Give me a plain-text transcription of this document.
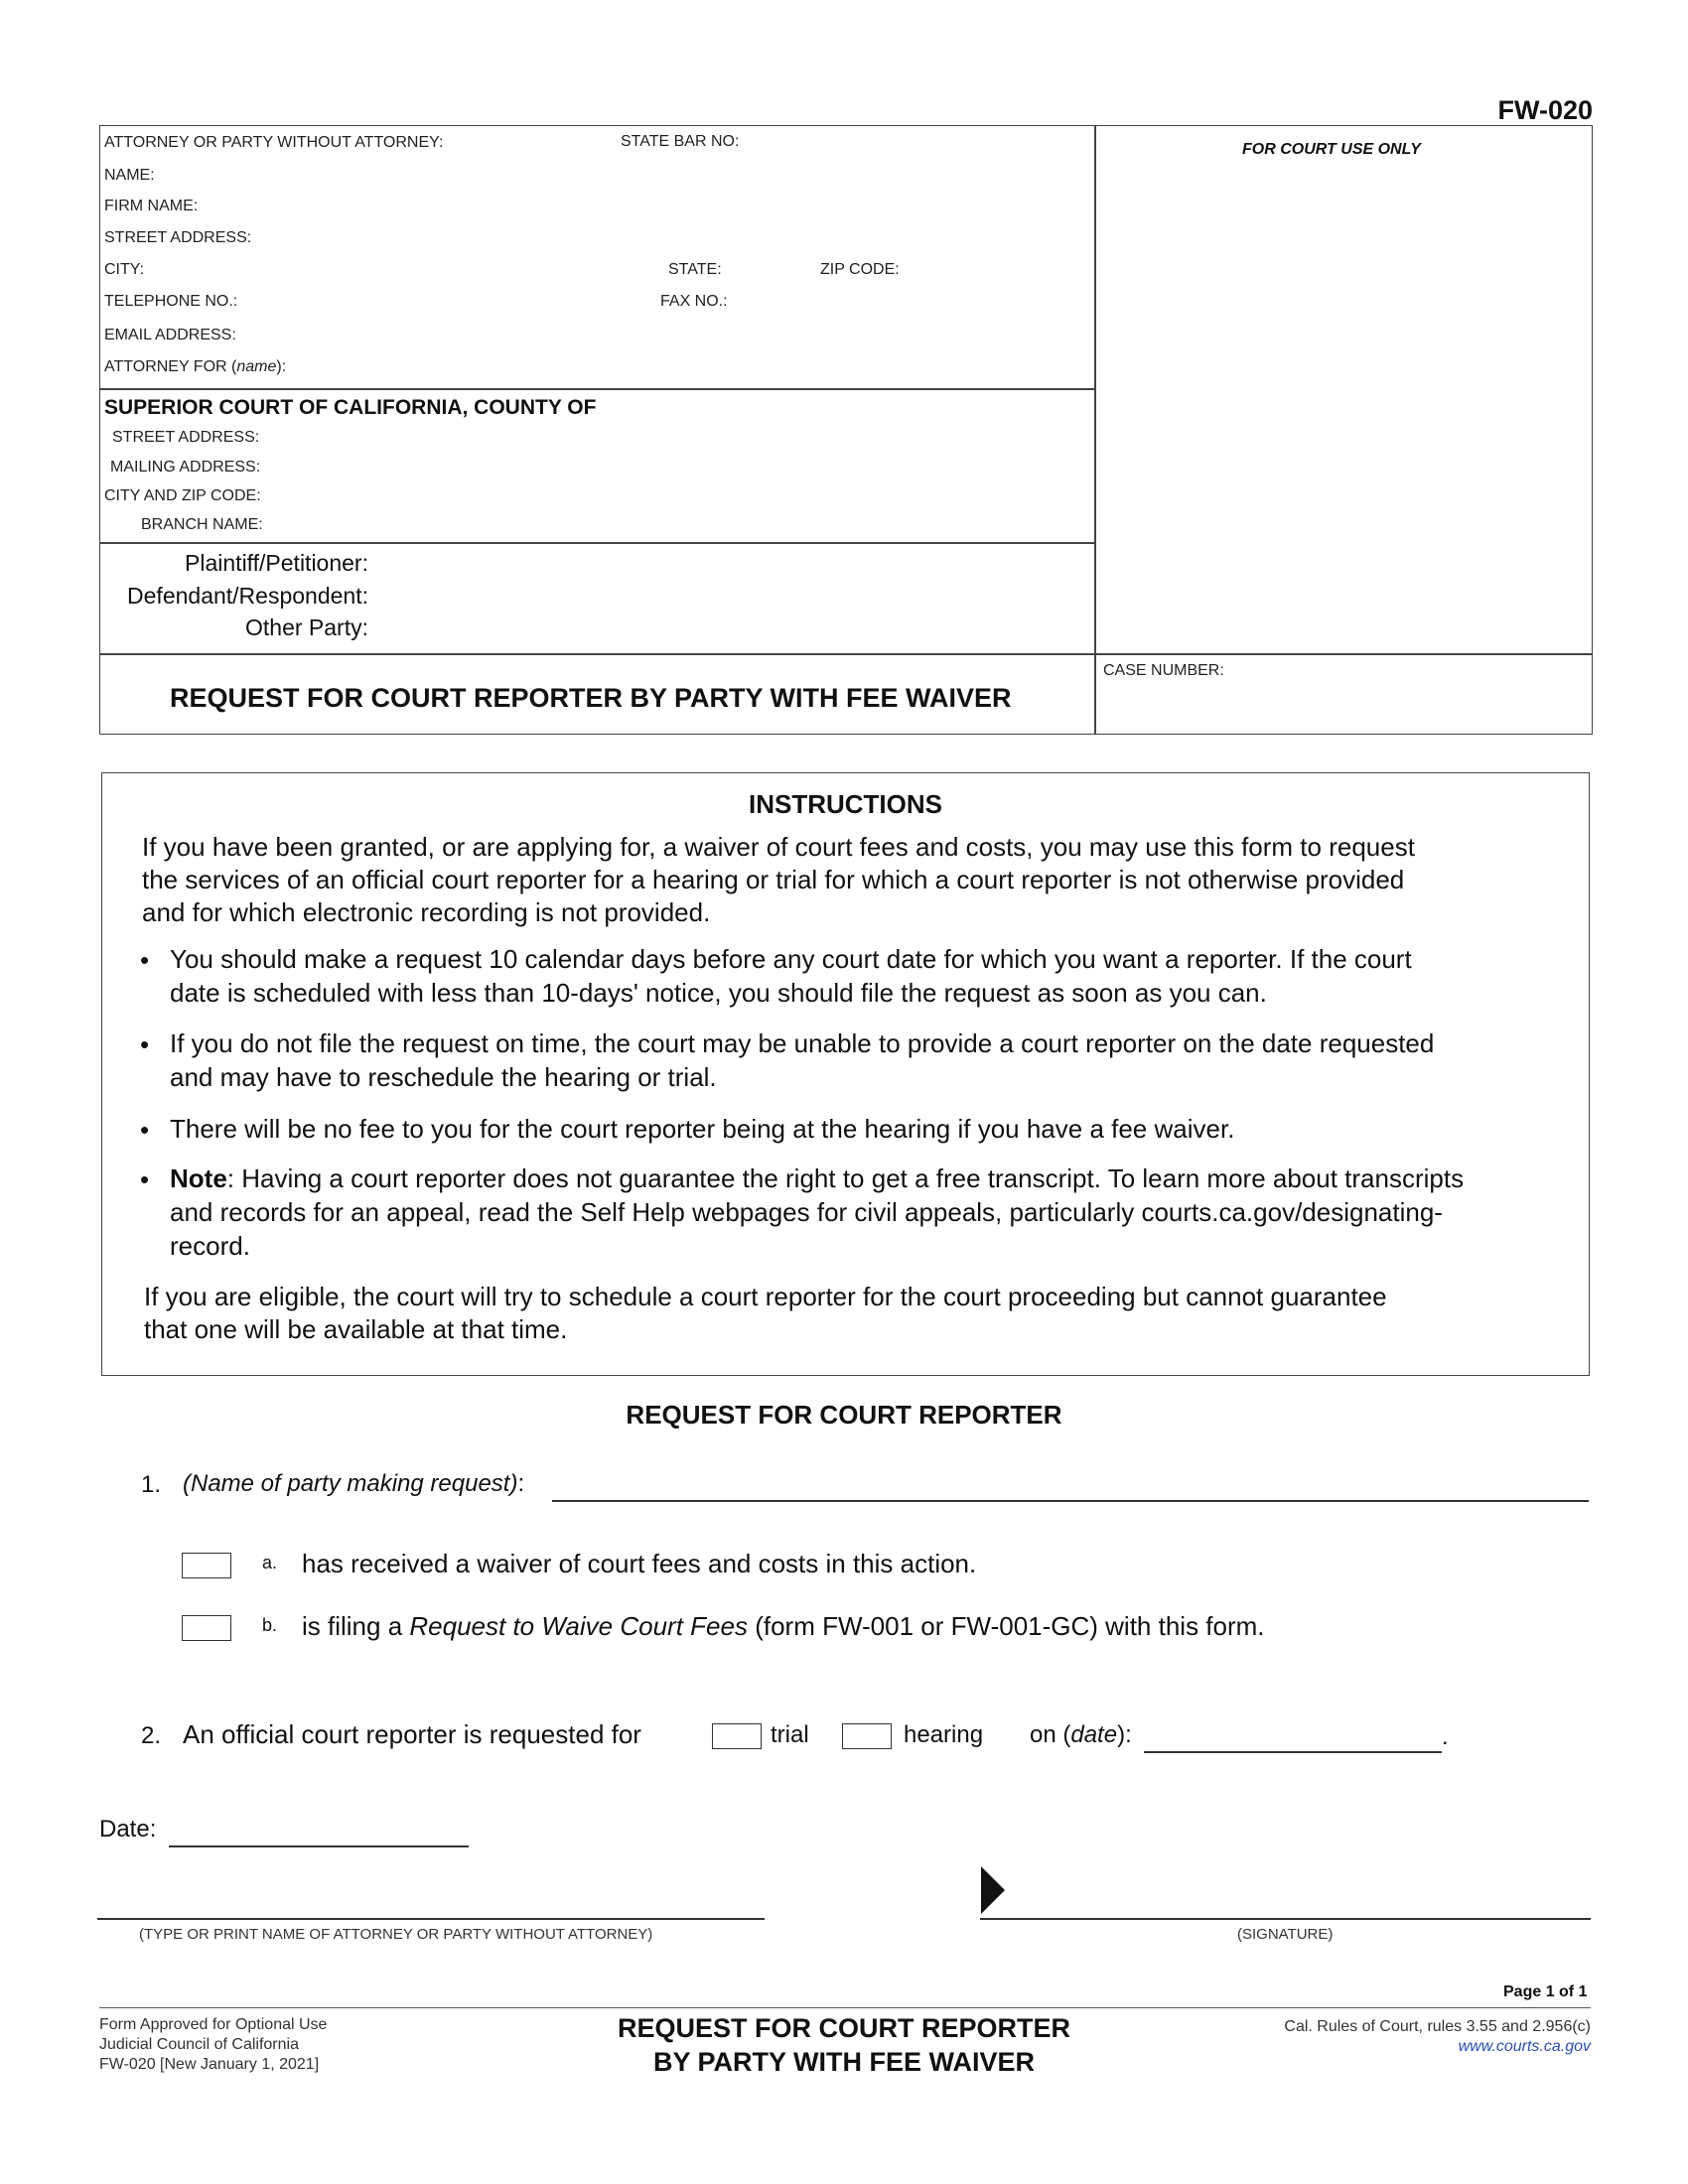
FW-020
ATTORNEY OR PARTY WITHOUT ATTORNEY:	STATE BAR NO:
NAME:
FIRM NAME:
STREET ADDRESS:
CITY:	STATE:	ZIP CODE:
TELEPHONE NO.:	FAX NO.:
EMAIL ADDRESS:
ATTORNEY FOR (name):
SUPERIOR COURT OF CALIFORNIA, COUNTY OF
STREET ADDRESS:
MAILING ADDRESS:
CITY AND ZIP CODE:
BRANCH NAME:
Plaintiff/Petitioner:
Defendant/Respondent:
Other Party:
REQUEST FOR COURT REPORTER BY PARTY WITH FEE WAIVER
FOR COURT USE ONLY
CASE NUMBER:
INSTRUCTIONS
If you have been granted, or are applying for, a waiver of court fees and costs, you may use this form to request
the services of an official court reporter for a hearing or trial for which a court reporter is not otherwise provided
and for which electronic recording is not provided.
• You should make a request 10 calendar days before any court date for which you want a reporter. If the court
date is scheduled with less than 10-days' notice, you should file the request as soon as you can.
• If you do not file the request on time, the court may be unable to provide a court reporter on the date requested
and may have to reschedule the hearing or trial.
• There will be no fee to you for the court reporter being at the hearing if you have a fee waiver.
• Note: Having a court reporter does not guarantee the right to get a free transcript. To learn more about transcripts
and records for an appeal, read the Self Help webpages for civil appeals, particularly courts.ca.gov/designating-
record.
If you are eligible, the court will try to schedule a court reporter for the court proceeding but cannot guarantee
that one will be available at that time.
REQUEST FOR COURT REPORTER
1. (Name of party making request):
a. has received a waiver of court fees and costs in this action.
b. is filing a Request to Waive Court Fees (form FW-001 or FW-001-GC) with this form.
2. An official court reporter is requested for	trial	hearing on (date):	.
Date:
(TYPE OR PRINT NAME OF ATTORNEY OR PARTY WITHOUT ATTORNEY)	(SIGNATURE)
Page 1 of 1
Form Approved for Optional Use
Judicial Council of California
FW-020 [New January 1, 2021]
REQUEST FOR COURT REPORTER
BY PARTY WITH FEE WAIVER
Cal. Rules of Court, rules 3.55 and 2.956(c)
www.courts.ca.gov
